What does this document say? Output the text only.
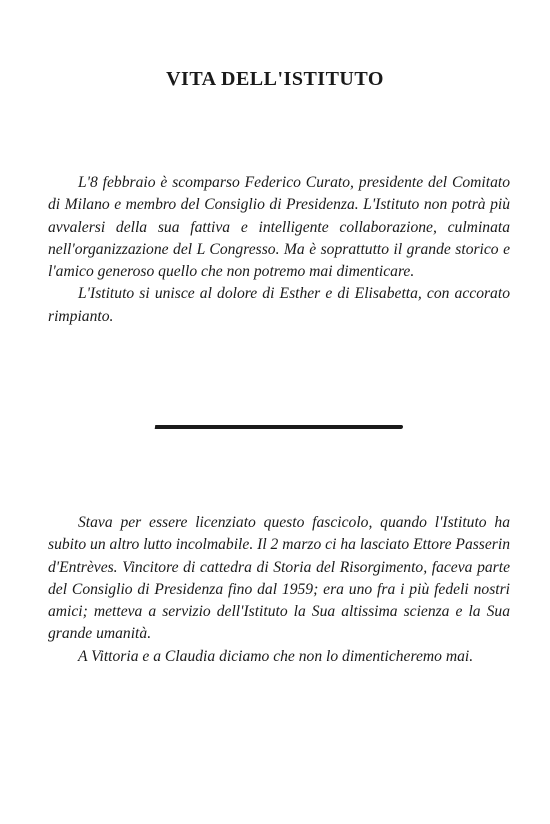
VITA DELL'ISTITUTO

L'8 febbraio è scomparso Federico Curato, presidente del Comitato di Milano e membro del Consiglio di Presidenza. L'Istituto non potrà più avvalersi della sua fattiva e intelligente collaborazione, culminata nell'organizzazione del L Congresso. Ma è soprattutto il grande storico e l'amico generoso quello che non potremo mai dimenticare.

L'Istituto si unisce al dolore di Esther e di Elisabetta, con accorato rimpianto.

Stava per essere licenziato questo fascicolo, quando l'Istituto ha subito un altro lutto incolmabile. Il 2 marzo ci ha lasciato Ettore Passerin d'Entrèves. Vincitore di cattedra di Storia del Risorgimento, faceva parte del Consiglio di Presidenza fino dal 1959; era uno fra i più fedeli nostri amici; metteva a servizio dell'Istituto la Sua altissima scienza e la Sua grande umanità.

A Vittoria e a Claudia diciamo che non lo dimenticheremo mai.
